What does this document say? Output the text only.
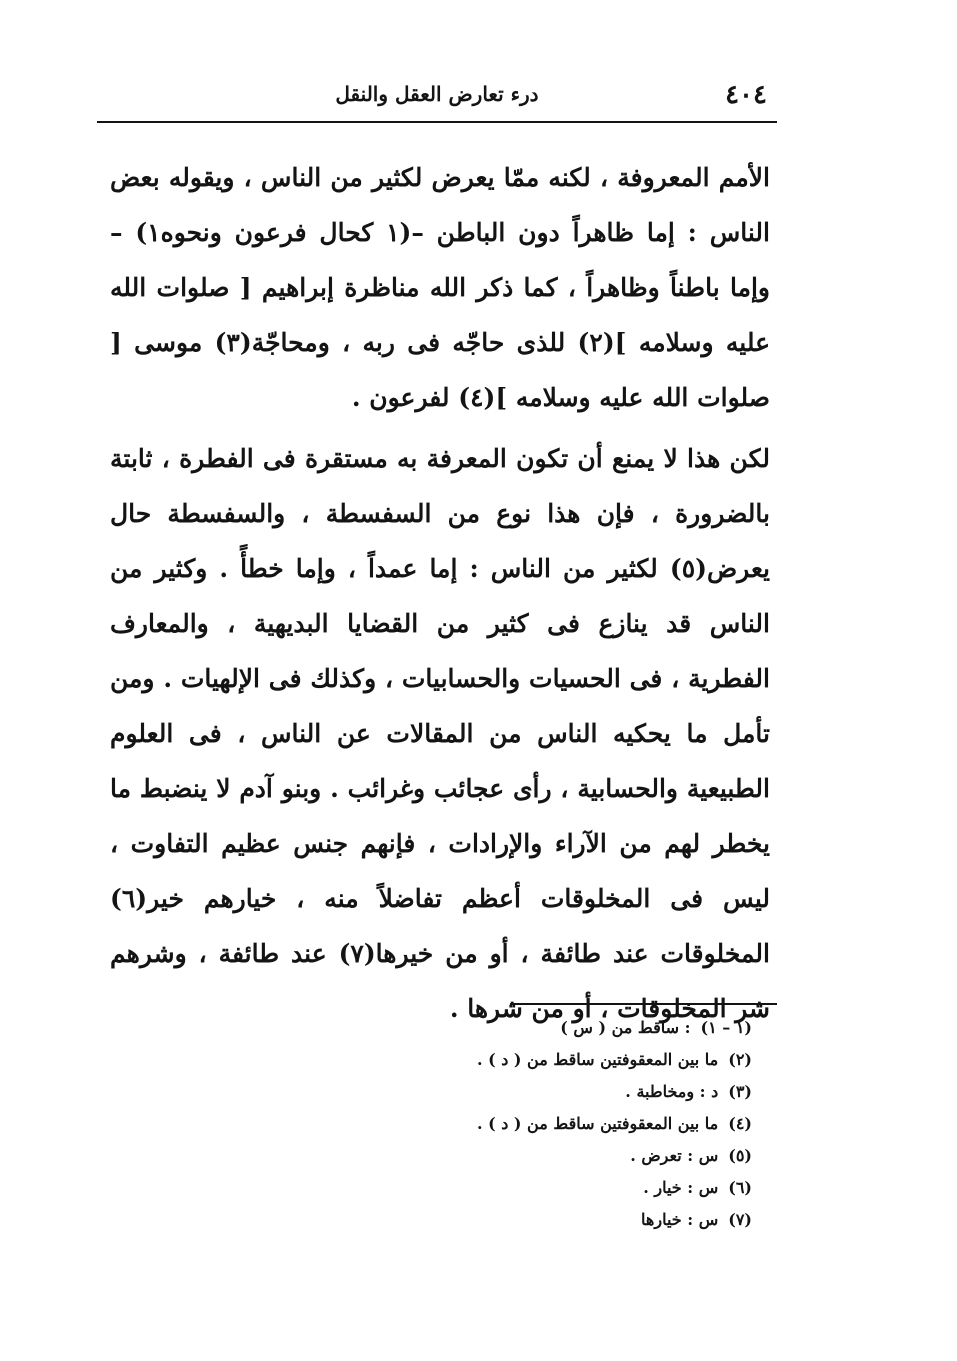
٤٠٤
درء تعارض العقل والنقل

الأمم المعروفة ، لكنه ممّا يعرض لكثير من الناس ، ويقوله بعض الناس : إما ظاهراً دون الباطن –(١ كحال فرعون ونحوه١) – وإما باطناً وظاهراً ، كما ذكر الله مناظرة إبراهيم [ صلوات الله عليه وسلامه ](٢) للذى حاجّه فى ربه ، ومحاجّة(٣) موسى [ صلوات الله عليه وسلامه ](٤) لفرعون .

لكن هذا لا يمنع أن تكون المعرفة به مستقرة فى الفطرة ، ثابتة بالضرورة ، فإن هذا نوع من السفسطة ، والسفسطة حال يعرض(٥) لكثير من الناس : إما عمداً ، وإما خطأً . وكثير من الناس قد ينازع فى كثير من القضايا البديهية ، والمعارف الفطرية ، فى الحسيات والحسابيات ، وكذلك فى الإلهيات . ومن تأمل ما يحكيه الناس من المقالات عن الناس ، فى العلوم الطبيعية والحسابية ، رأى عجائب وغرائب . وبنو آدم لا ينضبط ما يخطر لهم من الآراء والإرادات ، فإنهم جنس عظيم التفاوت ، ليس فى المخلوقات أعظم تفاضلاً منه ، خيارهم خير(٦) المخلوقات عند طائفة ، أو من خيرها(٧) عند طائفة ، وشرهم شر المخلوقات ، أو من شرها .

(١ – ١): ساقط من ( س )
(٢)ما بين المعقوفتين ساقط من ( د ) .
(٣)د : ومخاطبة .
(٤)ما بين المعقوفتين ساقط من ( د ) .
(٥)س : تعرض .
(٦)س : خيار .
(٧)س : خيارها
